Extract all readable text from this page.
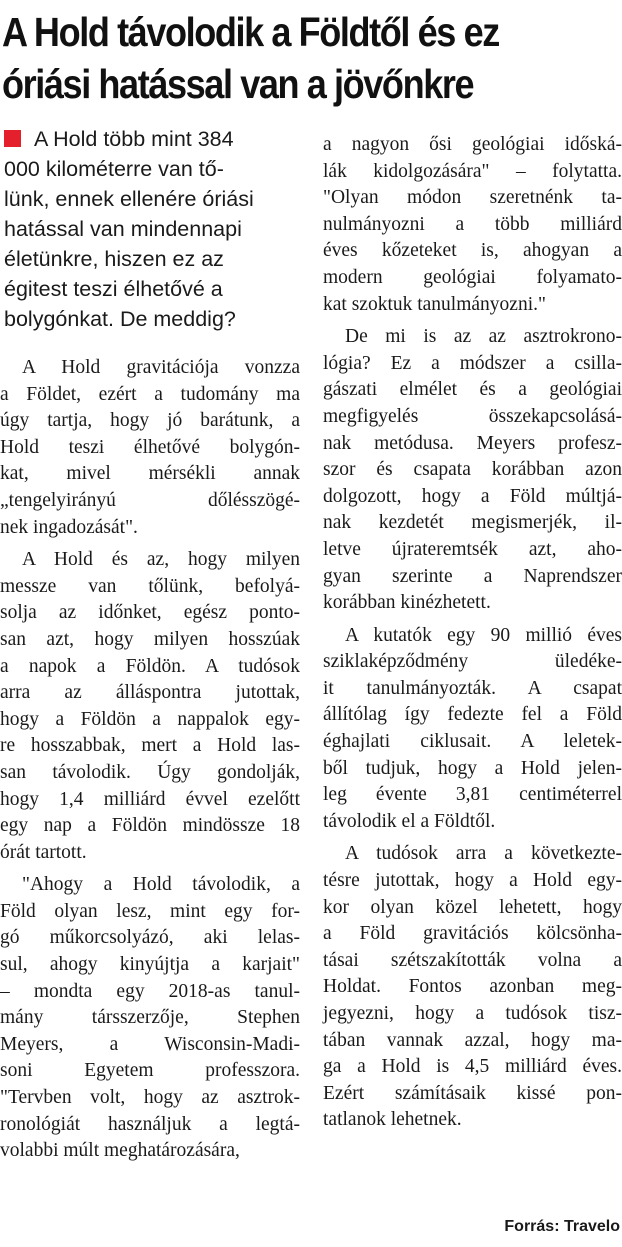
A Hold távolodik a Földtől és ez
óriási hatással van a jövőnkre
A Hold több mint 384
000 kilométerre van tő-
lünk, ennek ellenére óriási
hatással van mindennapi
életünkre, hiszen ez az
égitest teszi élhetővé a
bolygónkat. De meddig?
A Hold gravitációja vonzza
a Földet, ezért a tudomány ma
úgy tartja, hogy jó barátunk, a
Hold teszi élhetővé bolygón-
kat, mivel mérsékli annak
„tengelyirányú dőlésszögé-
nek ingadozását".
A Hold és az, hogy milyen
messze van tőlünk, befolyá-
solja az időnket, egész ponto-
san azt, hogy milyen hosszúak
a napok a Földön. A tudósok
arra az álláspontra jutottak,
hogy a Földön a nappalok egy-
re hosszabbak, mert a Hold las-
san távolodik. Úgy gondolják,
hogy 1,4 milliárd évvel ezelőtt
egy nap a Földön mindössze 18
órát tartott.
"Ahogy a Hold távolodik, a
Föld olyan lesz, mint egy for-
gó műkorcsolyázó, aki lelas-
sul, ahogy kinyújtja a karjait"
– mondta egy 2018-as tanul-
mány társszerzője, Stephen
Meyers, a Wisconsin-Madi-
soni Egyetem professzora.
"Tervben volt, hogy az asztrok-
ronológiát használjuk a legtá-
volabbi múlt meghatározására,
a nagyon ősi geológiai időská-
lák kidolgozására" – folytatta.
"Olyan módon szeretnénk ta-
nulmányozni a több milliárd
éves kőzeteket is, ahogyan a
modern geológiai folyamato-
kat szoktuk tanulmányozni."
De mi is az az asztrokrono-
lógia? Ez a módszer a csilla-
gászati elmélet és a geológiai
megfigyelés összekapcsolásá-
nak metódusa. Meyers profesz-
szor és csapata korábban azon
dolgozott, hogy a Föld múltjá-
nak kezdetét megismerjék, il-
letve újrateremtsék azt, aho-
gyan szerinte a Naprendszer
korábban kinézhetett.
A kutatók egy 90 millió éves
sziklaképződmény üledéke-
it tanulmányozták. A csapat
állítólag így fedezte fel a Föld
éghajlati ciklusait. A leletek-
ből tudjuk, hogy a Hold jelen-
leg évente 3,81 centiméterrel
távolodik el a Földtől.
A tudósok arra a következte-
tésre jutottak, hogy a Hold egy-
kor olyan közel lehetett, hogy
a Föld gravitációs kölcsönha-
tásai szétszakították volna a
Holdat. Fontos azonban meg-
jegyezni, hogy a tudósok tisz-
tában vannak azzal, hogy ma-
ga a Hold is 4,5 milliárd éves.
Ezért számításaik kissé pon-
tatlanok lehetnek.
Forrás: Travelo
